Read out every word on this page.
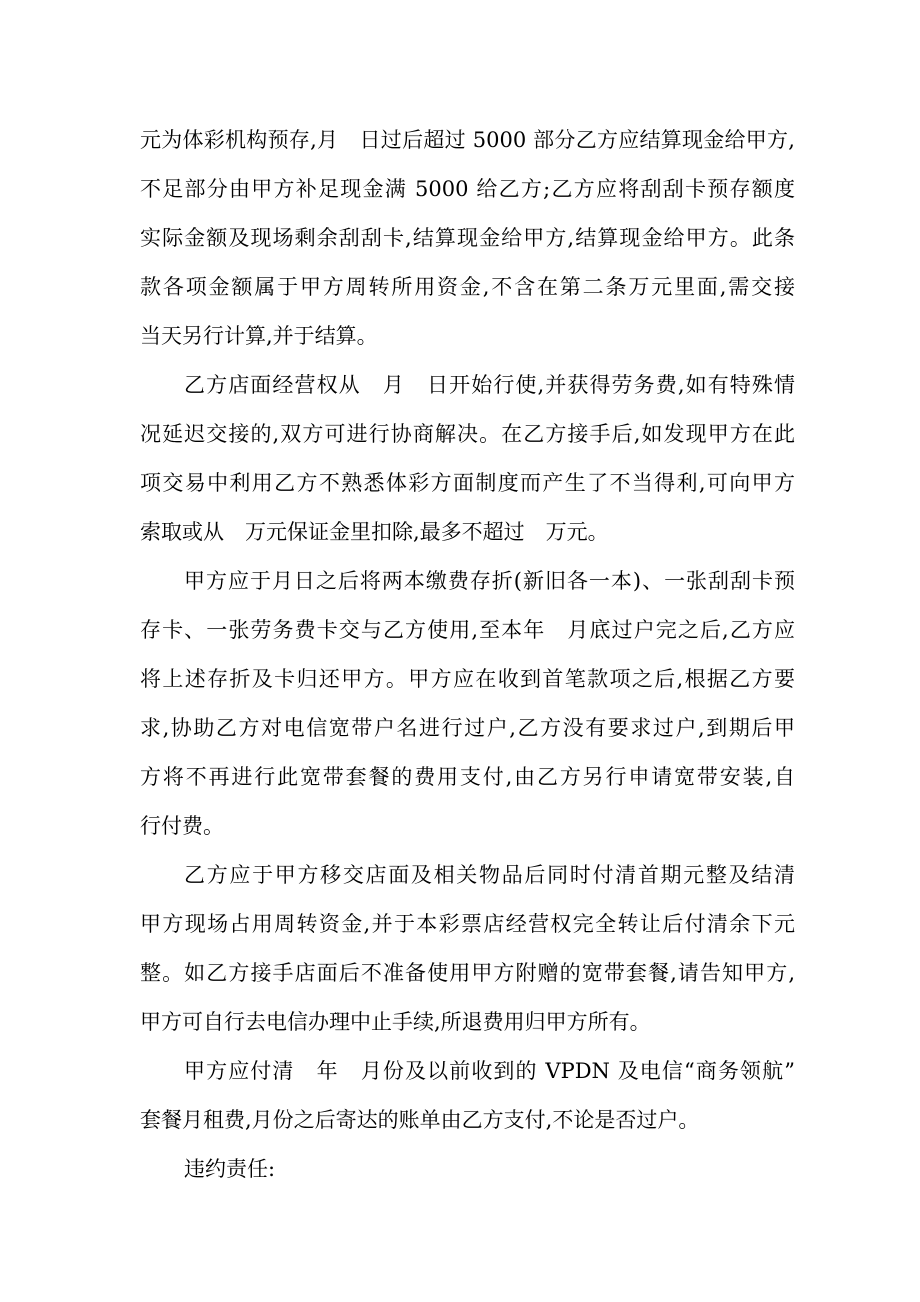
元为体彩机构预存,月　日过后超过 5000 部分乙方应结算现金给甲方,
不足部分由甲方补足现金满 5000 给乙方;乙方应将刮刮卡预存额度
实际金额及现场剩余刮刮卡,结算现金给甲方,结算现金给甲方。此条
款各项金额属于甲方周转所用资金,不含在第二条万元里面,需交接
当天另行计算,并于结算。
乙方店面经营权从　月　日开始行使,并获得劳务费,如有特殊情
况延迟交接的,双方可进行协商解决。在乙方接手后,如发现甲方在此
项交易中利用乙方不熟悉体彩方面制度而产生了不当得利,可向甲方
索取或从　万元保证金里扣除,最多不超过　万元。
甲方应于月日之后将两本缴费存折(新旧各一本)、一张刮刮卡预
存卡、一张劳务费卡交与乙方使用,至本年　月底过户完之后,乙方应
将上述存折及卡归还甲方。甲方应在收到首笔款项之后,根据乙方要
求,协助乙方对电信宽带户名进行过户,乙方没有要求过户,到期后甲
方将不再进行此宽带套餐的费用支付,由乙方另行申请宽带安装,自
行付费。
乙方应于甲方移交店面及相关物品后同时付清首期元整及结清
甲方现场占用周转资金,并于本彩票店经营权完全转让后付清余下元
整。如乙方接手店面后不准备使用甲方附赠的宽带套餐,请告知甲方,
甲方可自行去电信办理中止手续,所退费用归甲方所有。
甲方应付清　年　月份及以前收到的 VPDN 及电信“商务领航”
套餐月租费,月份之后寄达的账单由乙方支付,不论是否过户。
违约责任:
